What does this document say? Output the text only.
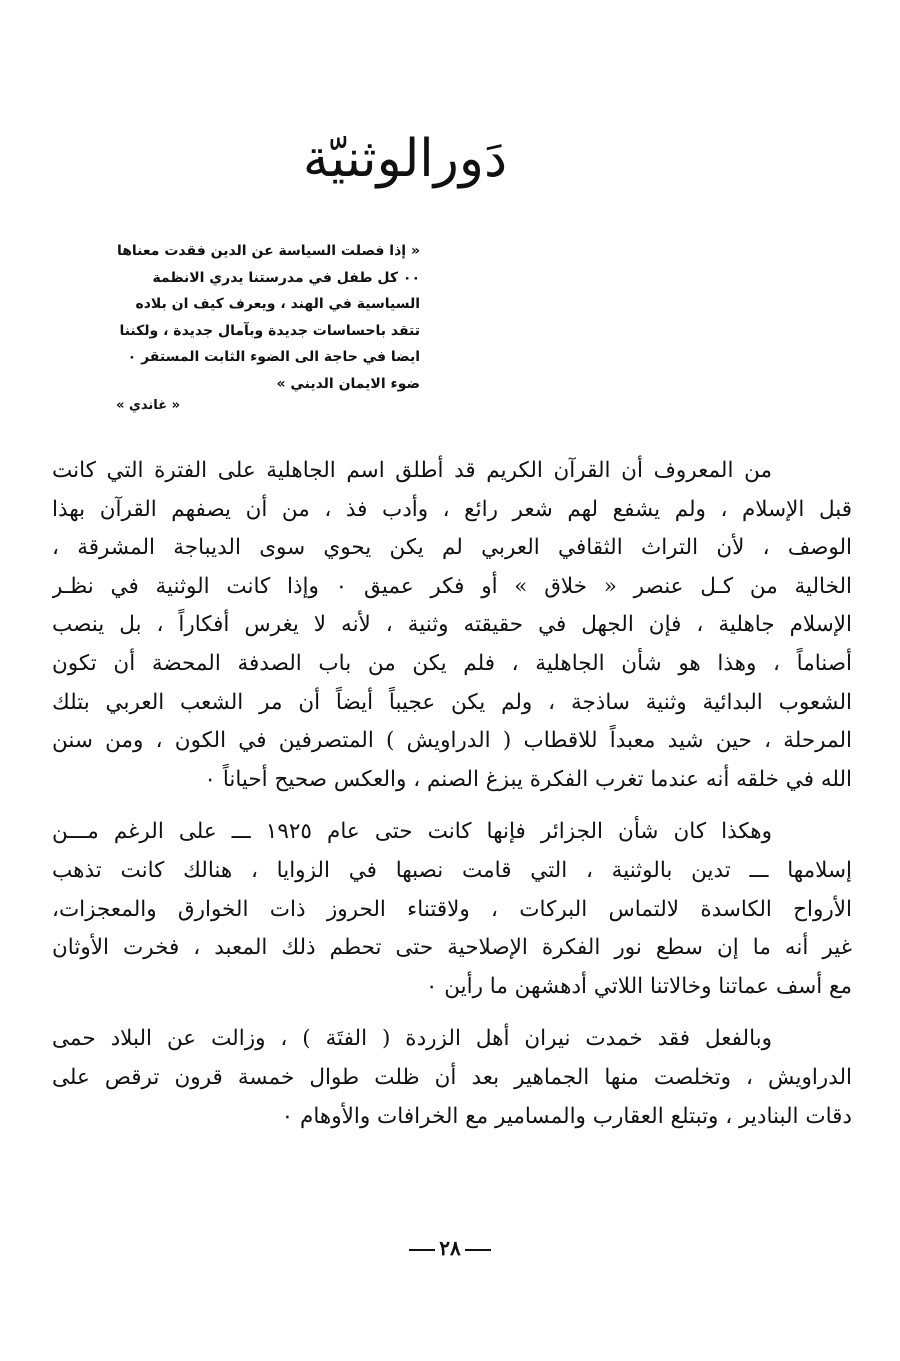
دَورالوثنيّة
« إذا فصلت السياسة عن الدين فقدت معناها
٠٠ كل طفل في مدرستنا يدري الانظمة
السياسية في الهند ، ويعرف كيف ان بلاده
تتقد باحساسات جديدة وبآمال جديدة ، ولكننا
ايضا في حاجة الى الضوء الثابت المستقر ٠
ضوء الايمان الديني »
« غاندي »

من المعروف أن القرآن الكريم قد أطلق اسم الجاهلية على الفترة التي كانت
قبل الإسلام ، ولم يشفع لهم شعر رائع ، وأدب فذ ، من أن يصفهم القرآن بهذا
الوصف ، لأن التراث الثقافي العربي لم يكن يحوي سوى الديباجة المشرقة ،
الخالية من كـل عنصر « خلاق » أو فكر عميق ٠ وإذا كانت الوثنية في نظـر
الإسلام جاهلية ، فإن الجهل في حقيقته وثنية ، لأنه لا يغرس أفكاراً ، بل ينصب
أصناماً ، وهذا هو شأن الجاهلية ، فلم يكن من باب الصدفة المحضة أن تكون
الشعوب البدائية وثنية ساذجة ، ولم يكن عجيباً أيضاً أن مر الشعب العربي بتلك
المرحلة ، حين شيد معبداً للاقطاب ( الدراويش ) المتصرفين في الكون ، ومن سنن
الله في خلقه أنه عندما تغرب الفكرة يبزغ الصنم ، والعكس صحيح أحياناً ٠

وهكذا كان شأن الجزائر فإنها كانت حتى عام ١٩٢٥ ـــ على الرغم مـــن
إسلامها ـــ تدين بالوثنية ، التي قامت نصبها في الزوايا ، هنالك كانت تذهب
الأرواح الكاسدة لالتماس البركات ، ولاقتناء الحروز ذات الخوارق والمعجزات،
غير أنه ما إن سطع نور الفكرة الإصلاحية حتى تحطم ذلك المعبد ، فخرت الأوثان
مع أسف عماتنا وخالاتنا اللاتي أدهشهن ما رأين ٠

وبالفعل فقد خمدت نيران أهل الزردة ( الفتَة ) ، وزالت عن البلاد حمى
الدراويش ، وتخلصت منها الجماهير بعد أن ظلت طوال خمسة قرون ترقص على
دقات البنادير ، وتبتلع العقارب والمسامير مع الخرافات والأوهام ٠

٢٨
